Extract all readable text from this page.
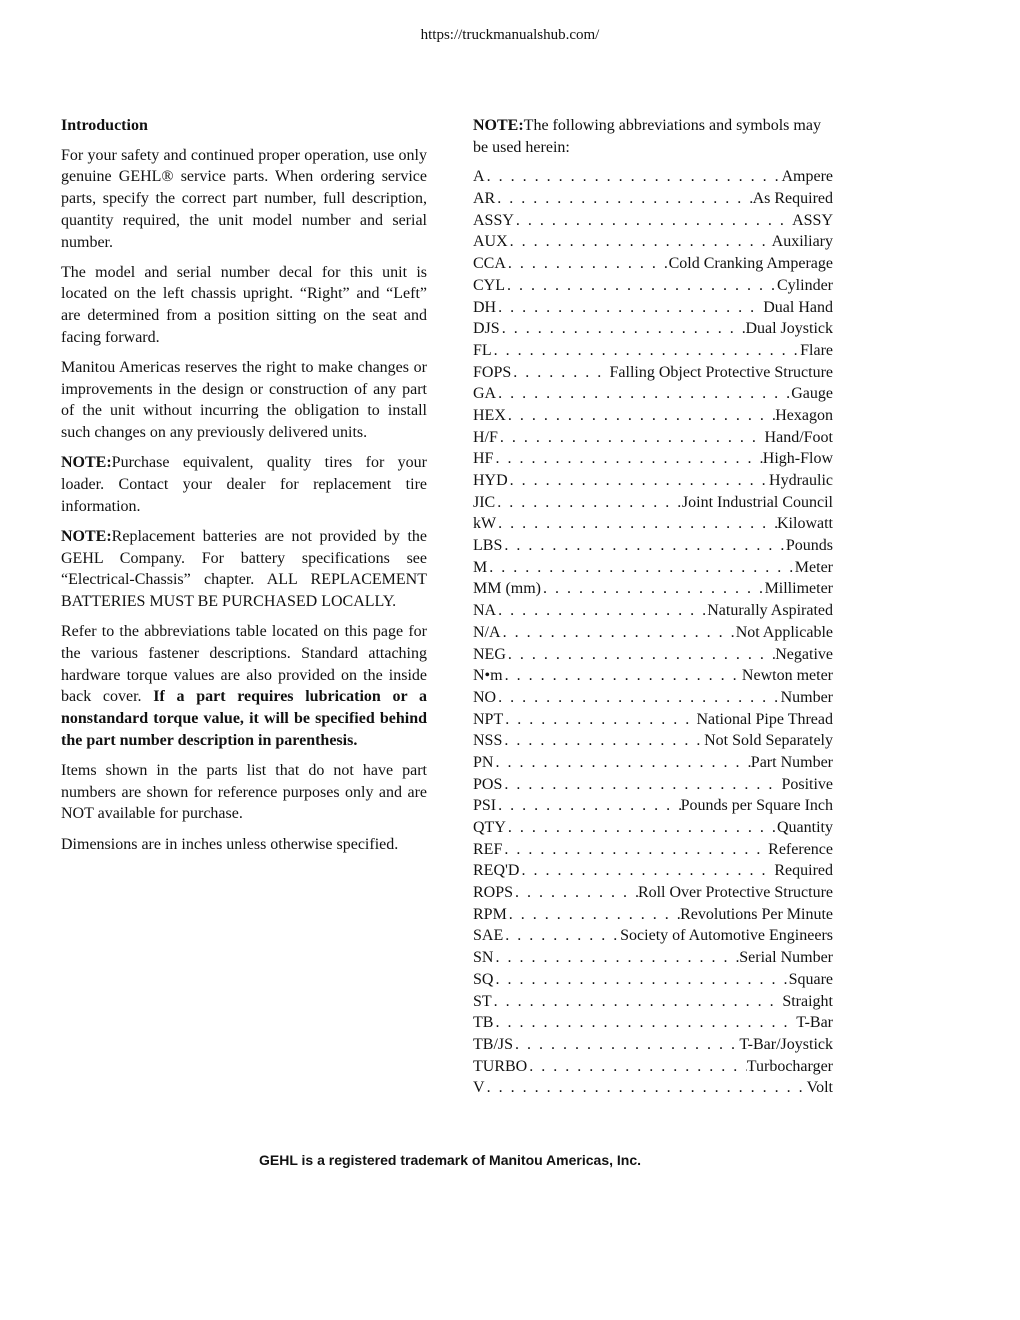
https://truckmanualshub.com/
Introduction

For your safety and continued proper operation, use only genuine GEHL® service parts. When ordering service parts, specify the correct part number, full description, quantity required, the unit model number and serial number.

The model and serial number decal for this unit is located on the left chassis upright. “Right” and “Left” are determined from a position sitting on the seat and facing forward.

Manitou Americas reserves the right to make changes or improvements in the design or construction of any part of the unit without incurring the obligation to install such changes on any previously delivered units.

NOTE:Purchase equivalent, quality tires for your loader. Contact your dealer for replacement tire information.

NOTE:Replacement batteries are not provided by the GEHL Company. For battery specifications see “Electrical-Chassis” chapter. ALL REPLACEMENT BATTERIES MUST BE PURCHASED LOCALLY.

Refer to the abbreviations table located on this page for the various fastener descriptions. Standard attaching hardware torque values are also provided on the inside back cover. If a part requires lubrication or a nonstandard torque value, it will be specified behind the part number description in parenthesis.

Items shown in the parts list that do not have part numbers are shown for reference purposes only and are NOT available for purchase.

Dimensions are in inches unless otherwise specified.

NOTE:The following abbreviations and symbols may be used herein:

A . . .	Ampere
AR . . .	As Required
ASSY . . .	ASSY
AUX . . .	Auxiliary
CCA . . .	Cold Cranking Amperage
CYL . . .	Cylinder
DH . . .	Dual Hand
DJS . . .	Dual Joystick
FL . . .	Flare
FOPS . . .	Falling Object Protective Structure
GA . . .	Gauge
HEX . . .	Hexagon
H/F . . .	Hand/Foot
HF . . .	High-Flow
HYD . . .	Hydraulic
JIC . . .	Joint Industrial Council
kW . . .	Kilowatt
LBS . . .	Pounds
M . . .	Meter
MM (mm) . . .	Millimeter
NA . . .	Naturally Aspirated
N/A . . .	Not Applicable
NEG . . .	Negative
N•m . . .	Newton meter
NO . . .	Number
NPT . . .	National Pipe Thread
NSS . . .	Not Sold Separately
PN . . .	Part Number
POS . . .	Positive
PSI . . .	Pounds per Square Inch
QTY . . .	Quantity
REF . . .	Reference
REQ'D . . .	Required
ROPS . . .	Roll Over Protective Structure
RPM . . .	Revolutions Per Minute
SAE . . .	Society of Automotive Engineers
SN . . .	Serial Number
SQ . . .	Square
ST . . .	Straight
TB . . .	T-Bar
TB/JS . . .	T-Bar/Joystick
TURBO . . .	Turbocharger
V . . .	Volt
GEHL is a registered trademark of Manitou Americas, Inc.
